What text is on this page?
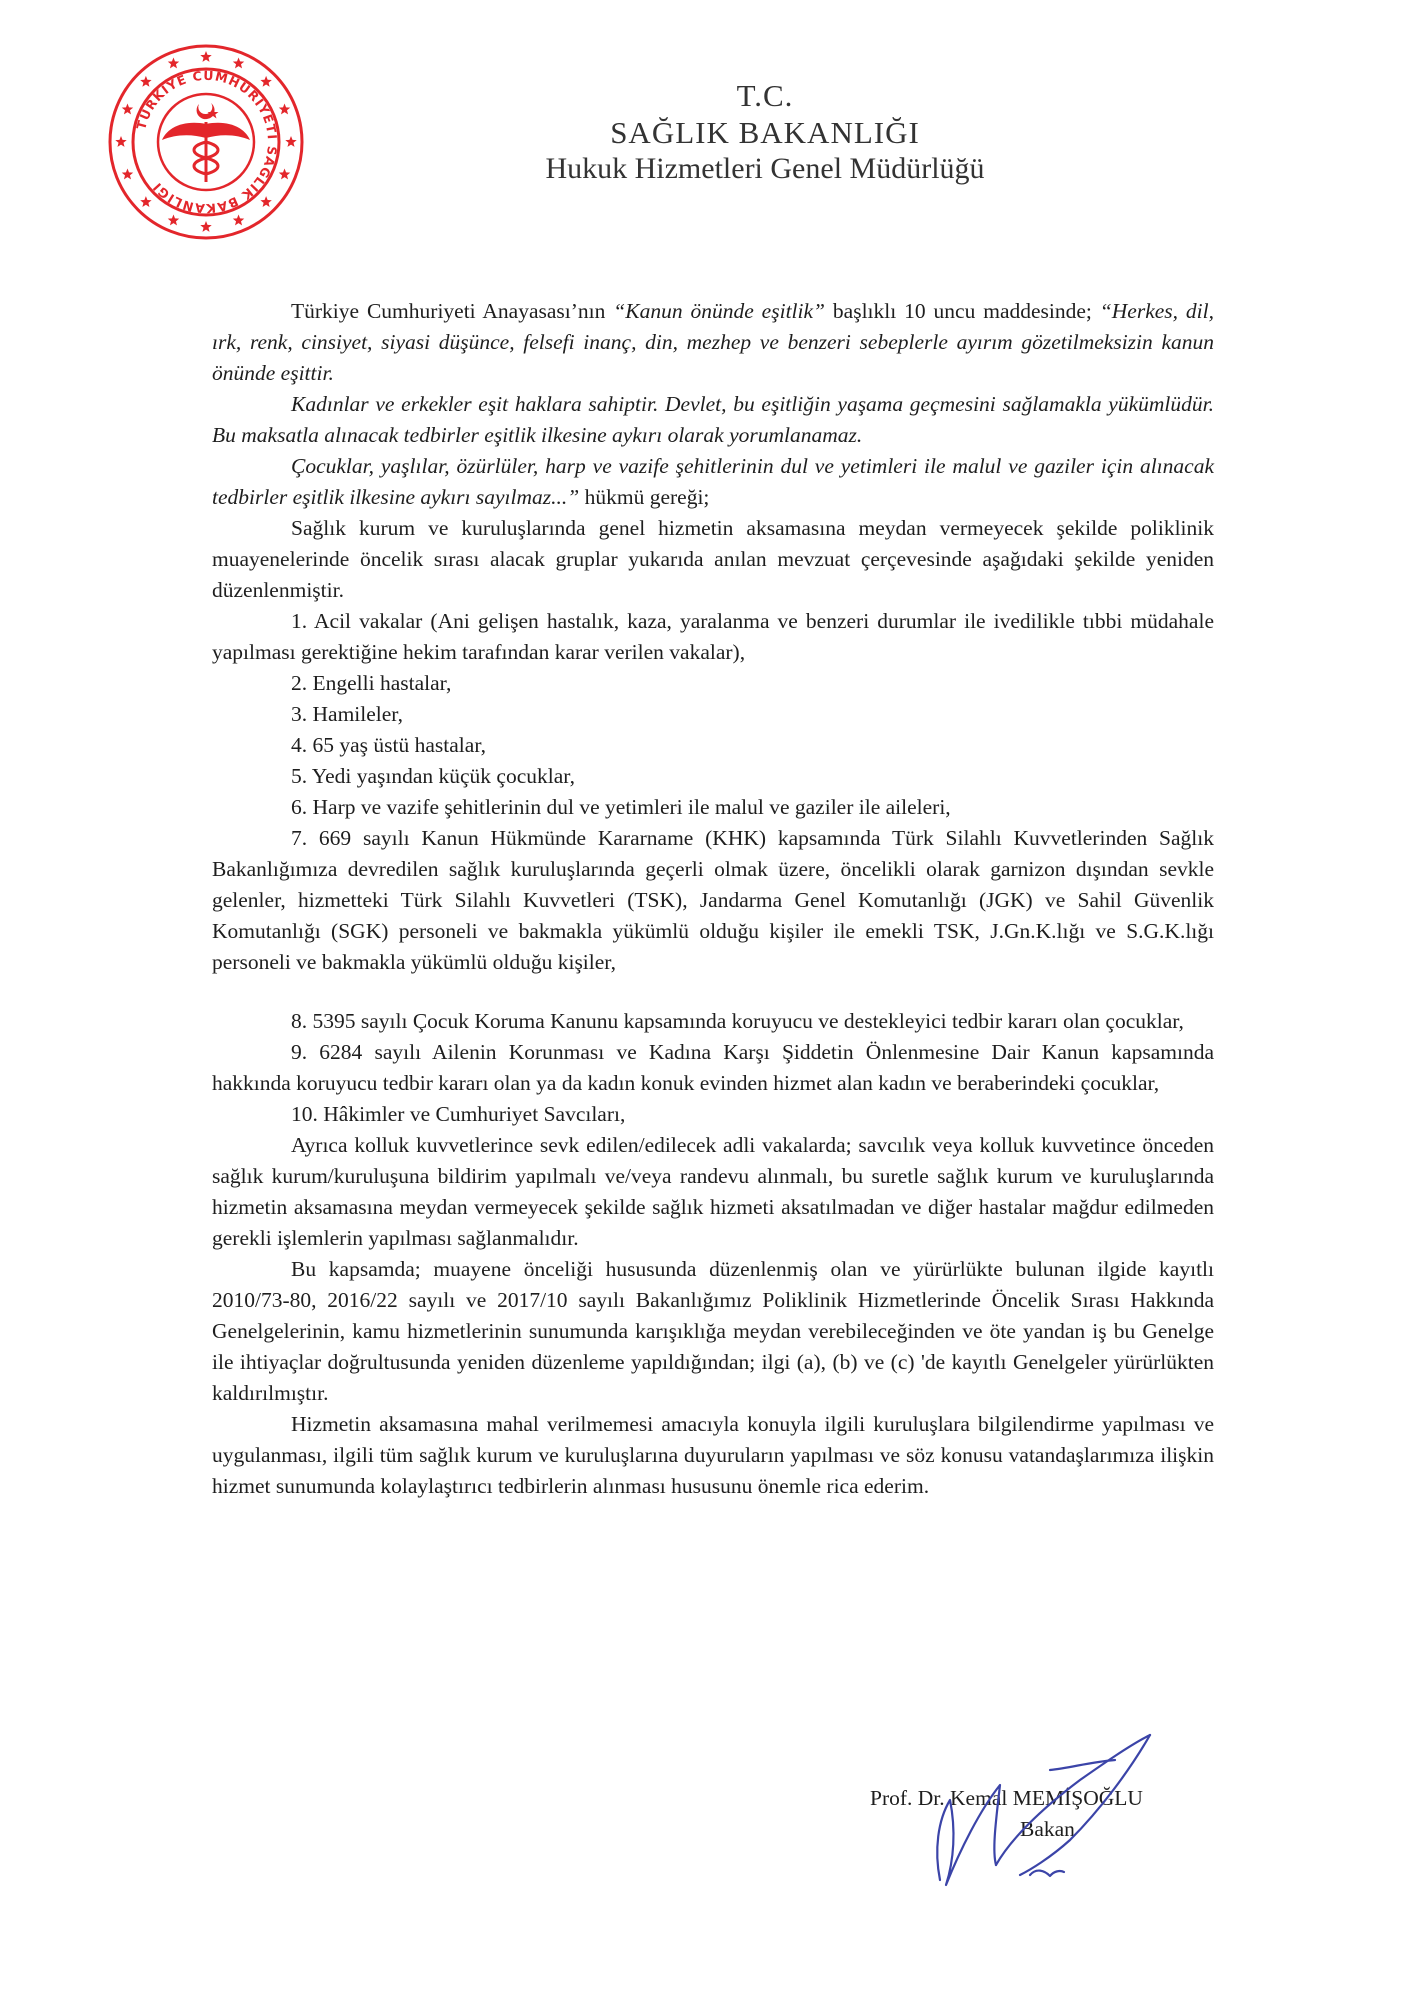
TÜRKİYE CUMHURİYETİ SAĞLIK BAKANLIĞI
T.C.
SAĞLIK BAKANLIĞI
Hukuk Hizmetleri Genel Müdürlüğü

Türkiye Cumhuriyeti Anayasası’nın “Kanun önünde eşitlik” başlıklı 10 uncu maddesinde; “Herkes, dil, ırk, renk, cinsiyet, siyasi düşünce, felsefi inanç, din, mezhep ve benzeri sebeplerle ayırım gözetilmeksizin kanun önünde eşittir.

Kadınlar ve erkekler eşit haklara sahiptir. Devlet, bu eşitliğin yaşama geçmesini sağlamakla yükümlüdür. Bu maksatla alınacak tedbirler eşitlik ilkesine aykırı olarak yorumlanamaz.

Çocuklar, yaşlılar, özürlüler, harp ve vazife şehitlerinin dul ve yetimleri ile malul ve gaziler için alınacak tedbirler eşitlik ilkesine aykırı sayılmaz...” hükmü gereği;

Sağlık kurum ve kuruluşlarında genel hizmetin aksamasına meydan vermeyecek şekilde poliklinik muayenelerinde öncelik sırası alacak gruplar yukarıda anılan mevzuat çerçevesinde aşağıdaki şekilde yeniden düzenlenmiştir.

1. Acil vakalar (Ani gelişen hastalık, kaza, yaralanma ve benzeri durumlar ile ivedilikle tıbbi müdahale yapılması gerektiğine hekim tarafından karar verilen vakalar),

2. Engelli hastalar,

3. Hamileler,

4. 65 yaş üstü hastalar,

5. Yedi yaşından küçük çocuklar,

6. Harp ve vazife şehitlerinin dul ve yetimleri ile malul ve gaziler ile aileleri,

7. 669 sayılı Kanun Hükmünde Kararname (KHK) kapsamında Türk Silahlı Kuvvetlerinden Sağlık Bakanlığımıza devredilen sağlık kuruluşlarında geçerli olmak üzere, öncelikli olarak garnizon dışından sevkle gelenler, hizmetteki Türk Silahlı Kuvvetleri (TSK), Jandarma Genel Komutanlığı (JGK) ve Sahil Güvenlik Komutanlığı (SGK) personeli ve bakmakla yükümlü olduğu kişiler ile emekli TSK, J.Gn.K.lığı ve S.G.K.lığı personeli ve bakmakla yükümlü olduğu kişiler,

8. 5395 sayılı Çocuk Koruma Kanunu kapsamında koruyucu ve destekleyici tedbir kararı olan çocuklar,

9. 6284 sayılı Ailenin Korunması ve Kadına Karşı Şiddetin Önlenmesine Dair Kanun kapsamında hakkında koruyucu tedbir kararı olan ya da kadın konuk evinden hizmet alan kadın ve beraberindeki çocuklar,

10. Hâkimler ve Cumhuriyet Savcıları,

Ayrıca kolluk kuvvetlerince sevk edilen/edilecek adli vakalarda; savcılık veya kolluk kuvvetince önceden sağlık kurum/kuruluşuna bildirim yapılmalı ve/veya randevu alınmalı, bu suretle sağlık kurum ve kuruluşlarında hizmetin aksamasına meydan vermeyecek şekilde sağlık hizmeti aksatılmadan ve diğer hastalar mağdur edilmeden gerekli işlemlerin yapılması sağlanmalıdır.

Bu kapsamda; muayene önceliği hususunda düzenlenmiş olan ve yürürlükte bulunan ilgide kayıtlı 2010/73-80, 2016/22 sayılı ve 2017/10 sayılı Bakanlığımız Poliklinik Hizmetlerinde Öncelik Sırası Hakkında Genelgelerinin, kamu hizmetlerinin sunumunda karışıklığa meydan verebileceğinden ve öte yandan iş bu Genelge ile ihtiyaçlar doğrultusunda yeniden düzenleme yapıldığından; ilgi (a), (b) ve (c) 'de kayıtlı Genelgeler yürürlükten kaldırılmıştır.

Hizmetin aksamasına mahal verilmemesi amacıyla konuyla ilgili kuruluşlara bilgilendirme yapılması ve uygulanması, ilgili tüm sağlık kurum ve kuruluşlarına duyuruların yapılması ve söz konusu vatandaşlarımıza ilişkin hizmet sunumunda kolaylaştırıcı tedbirlerin alınması hususunu önemle rica ederim.

Prof. Dr. Kemal MEMİŞOĞLU
Bakan
